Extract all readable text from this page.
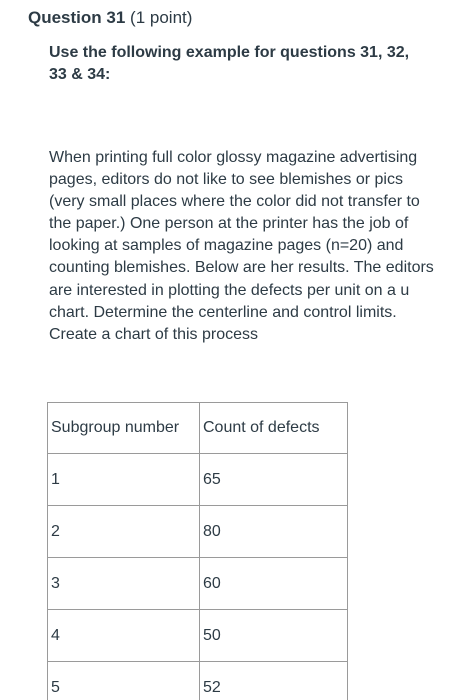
Question 31 (1 point)
Use the following example for questions 31, 32, 33 & 34:
When printing full color glossy magazine advertising pages, editors do not like to see blemishes or pics (very small places where the color did not transfer to the paper.) One person at the printer has the job of looking at samples of magazine pages (n=20) and counting blemishes. Below are her results. The editors are interested in plotting the defects per unit on a u chart. Determine the centerline and control limits. Create a chart of this process
Subgroup number	Count of defects
1	65
2	80
3	60
4	50
5	52
